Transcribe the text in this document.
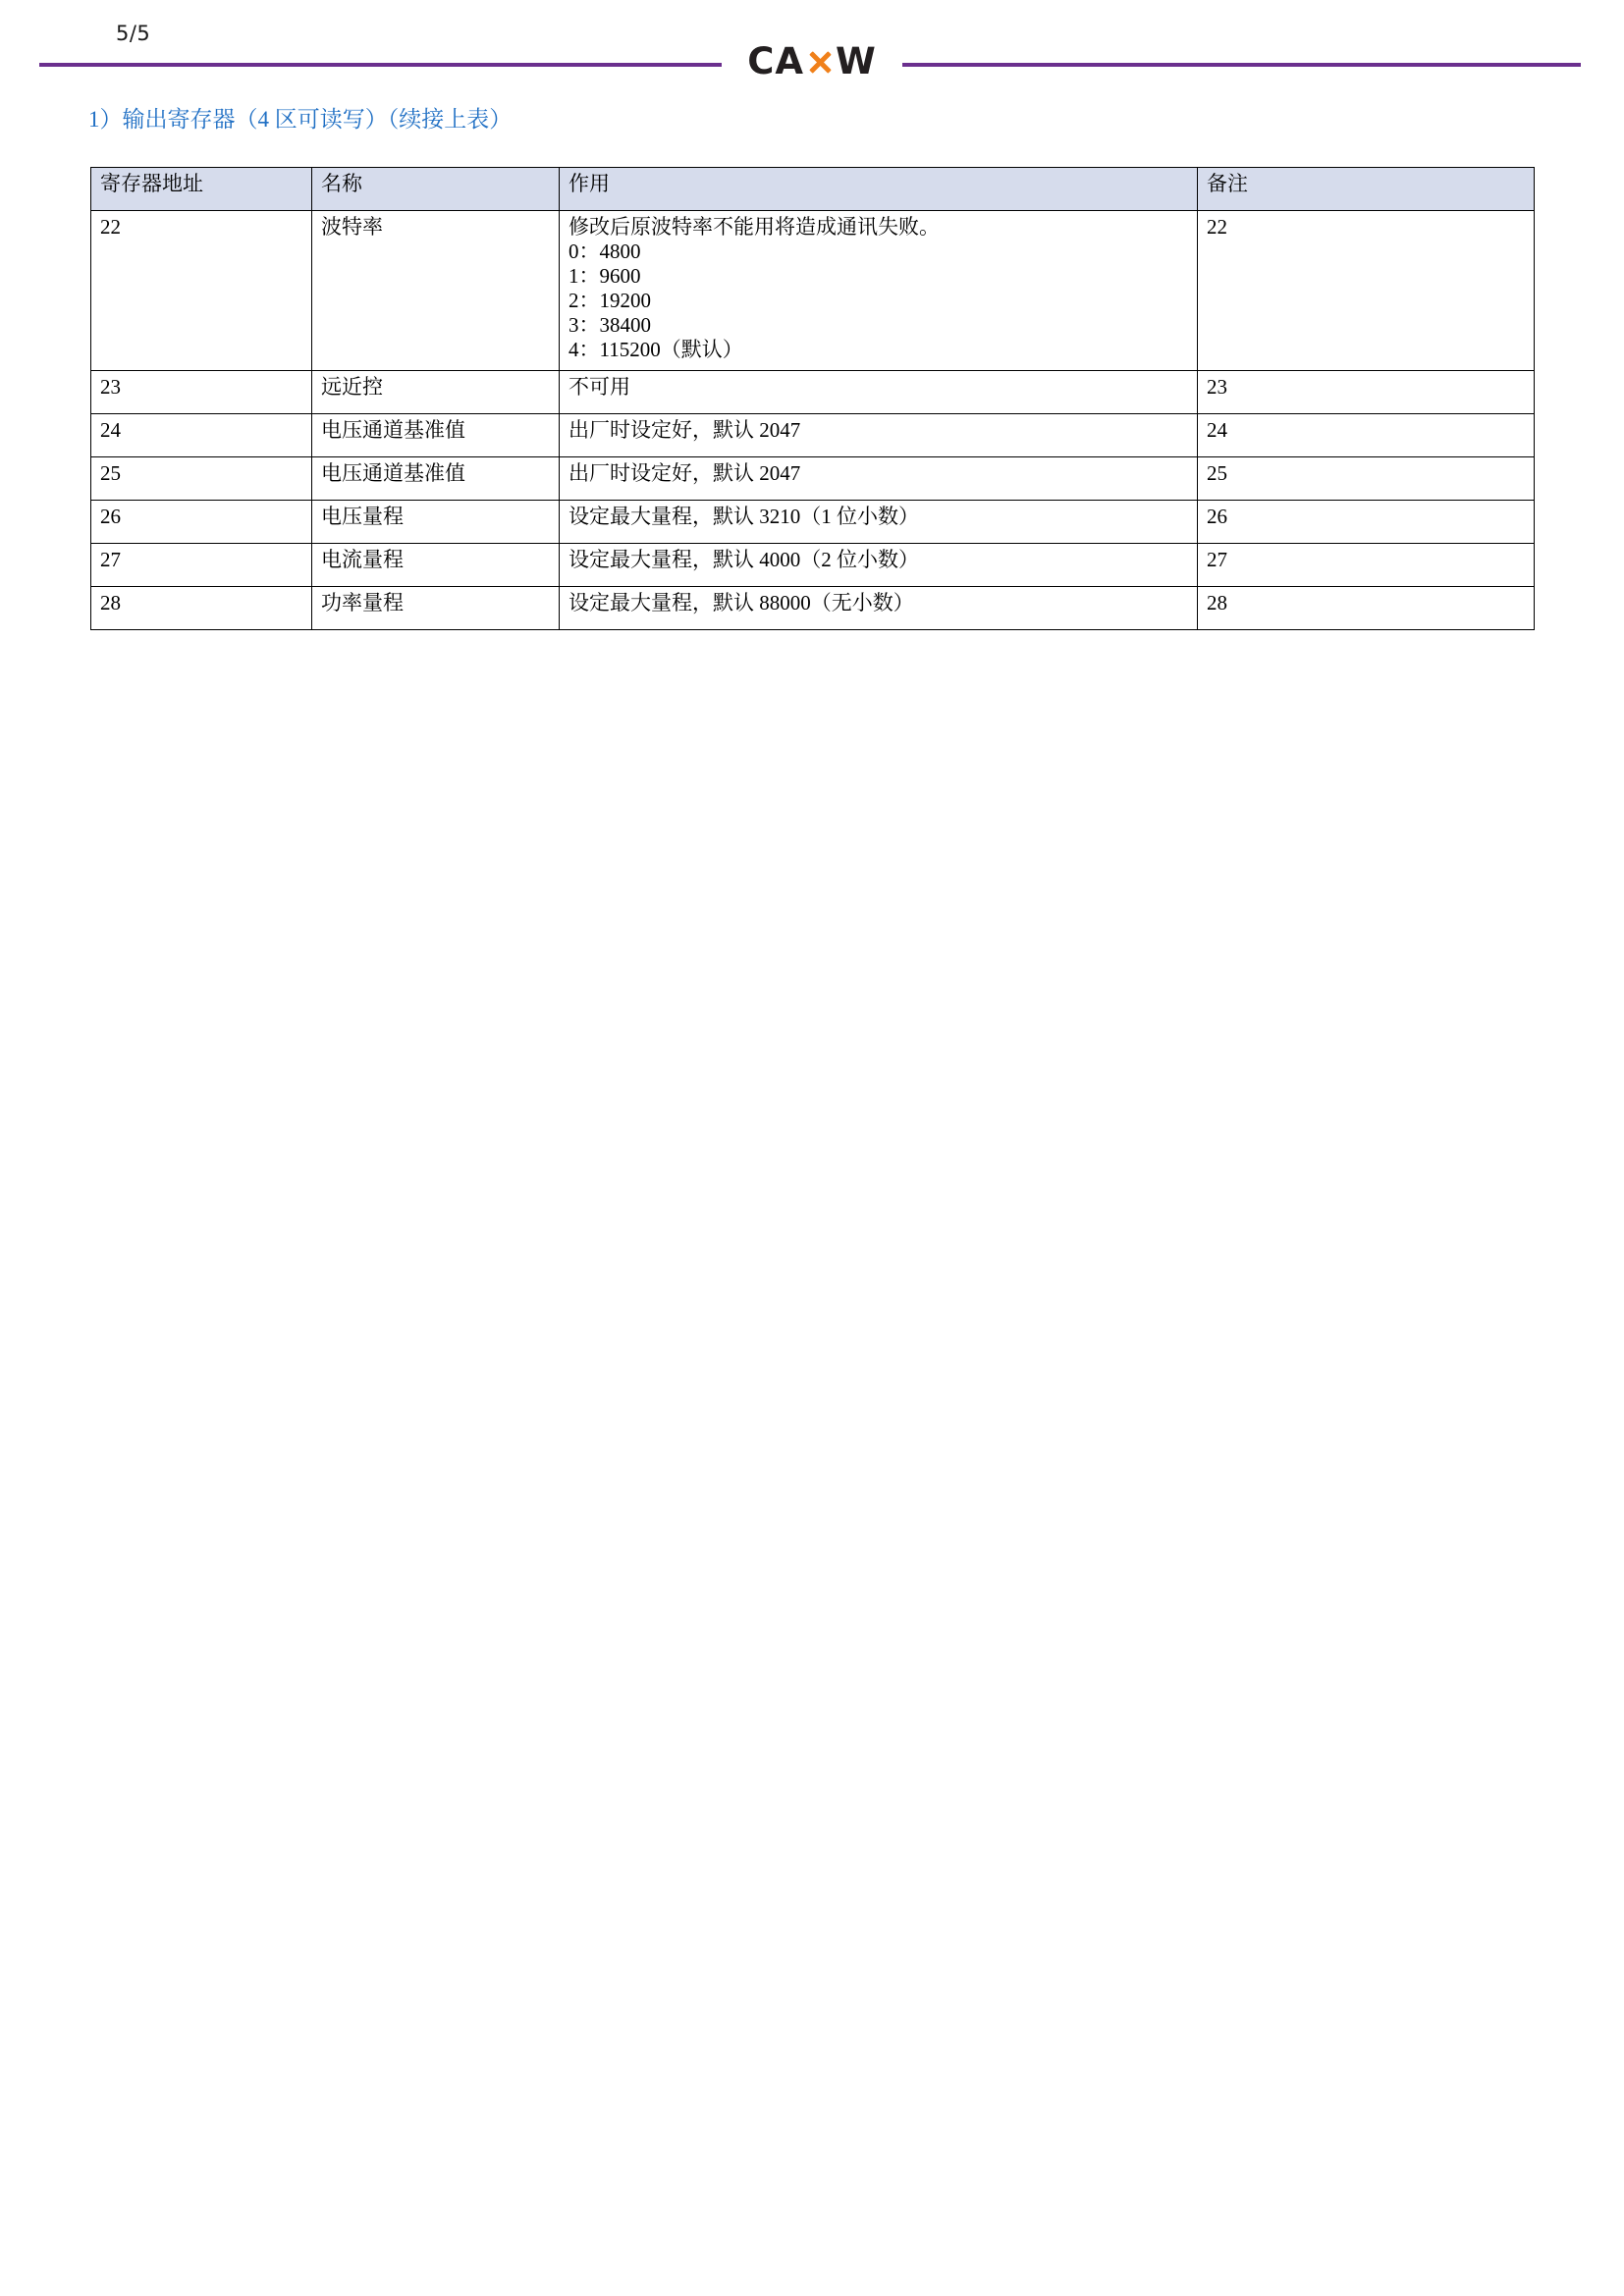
5/5
CA W
1）输出寄存器（4 区可读写）（续接上表）
寄存器地址	名称	作用	备注
22	波特率	修改后原波特率不能用将造成通讯失败。
0：4800
1：9600
2：19200
3：38400
4：115200（默认）
	22
23	远近控	不可用	23
24	电压通道基准值	出厂时设定好，默认 2047	24
25	电压通道基准值	出厂时设定好，默认 2047	25
26	电压量程	设定最大量程，默认 3210（1 位小数）	26
27	电流量程	设定最大量程，默认 4000（2 位小数）	27
28	功率量程	设定最大量程，默认 88000（无小数）	28
